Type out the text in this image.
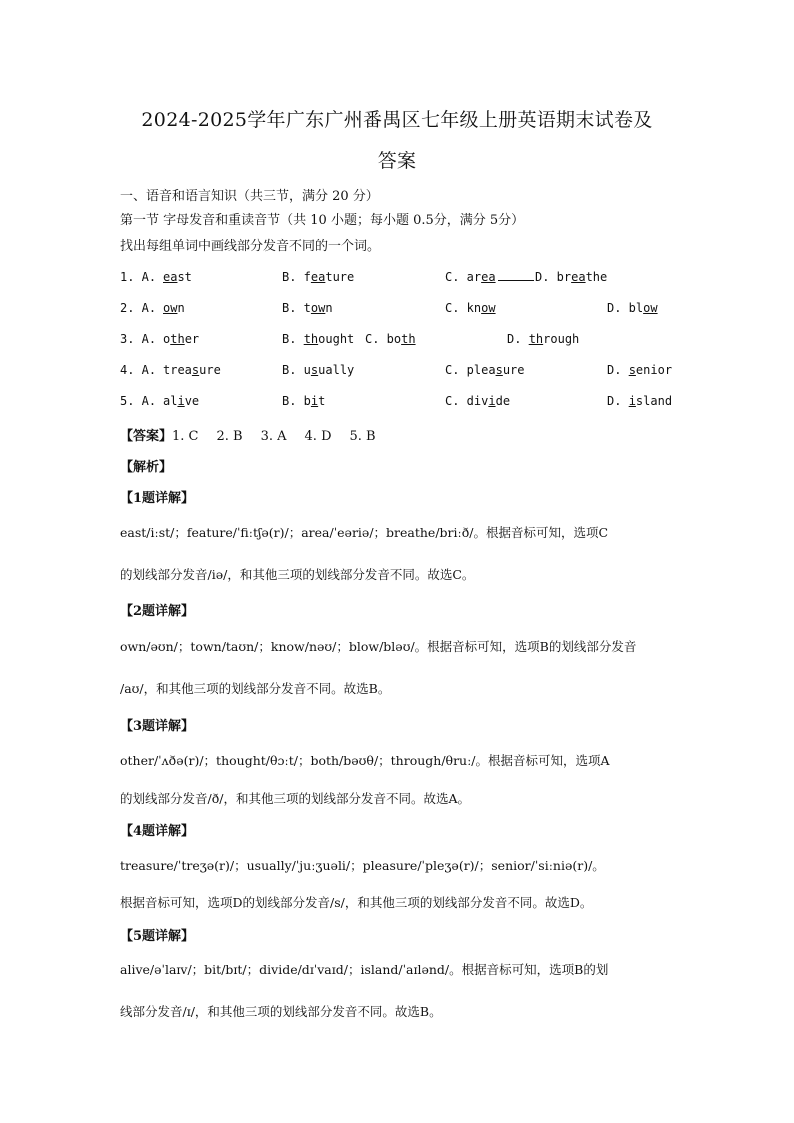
2024-2025学年广东广州番禺区七年级上册英语期末试卷及
答案
一、语音和语言知识（共三节，满分 20 分）
第一节 字母发音和重读音节（共 10 小题；每小题 0.5分，满分 5分）
找出每组单词中画线部分发音不同的一个词。
1. A. east	B. feature	C. area	D. breathe
2. A. own	B. town	C. know	D. blow
3. A. other	B. thought C. both	D. through
4. A. treasure	B. usually	C. pleasure	D. senior
5. A. alive	B. bit	C. divide	D. island
【答案】1. C 2. B 3. A 4. D 5. B
【解析】
【1题详解】
east/iːst/；feature/ˈfiːtʃə(r)/；area/ˈeəriə/；breathe/briːð/。根据音标可知，选项C
的划线部分发音/iə/，和其他三项的划线部分发音不同。故选C。
【2题详解】
own/əʊn/；town/taʊn/；know/nəʊ/；blow/bləʊ/。根据音标可知，选项B的划线部分发音
/aʊ/，和其他三项的划线部分发音不同。故选B。
【3题详解】
other/ˈʌðə(r)/；thought/θɔːt/；both/bəʊθ/；through/θruː/。根据音标可知，选项A
的划线部分发音/ð/，和其他三项的划线部分发音不同。故选A。
【4题详解】
treasure/ˈtreʒə(r)/；usually/ˈjuːʒuəli/；pleasure/ˈpleʒə(r)/；senior/ˈsiːniə(r)/。
根据音标可知，选项D的划线部分发音/s/，和其他三项的划线部分发音不同。故选D。
【5题详解】
alive/əˈlaɪv/；bit/bɪt/；divide/dɪˈvaɪd/；island/ˈaɪlənd/。根据音标可知，选项B的划
线部分发音/ɪ/，和其他三项的划线部分发音不同。故选B。
